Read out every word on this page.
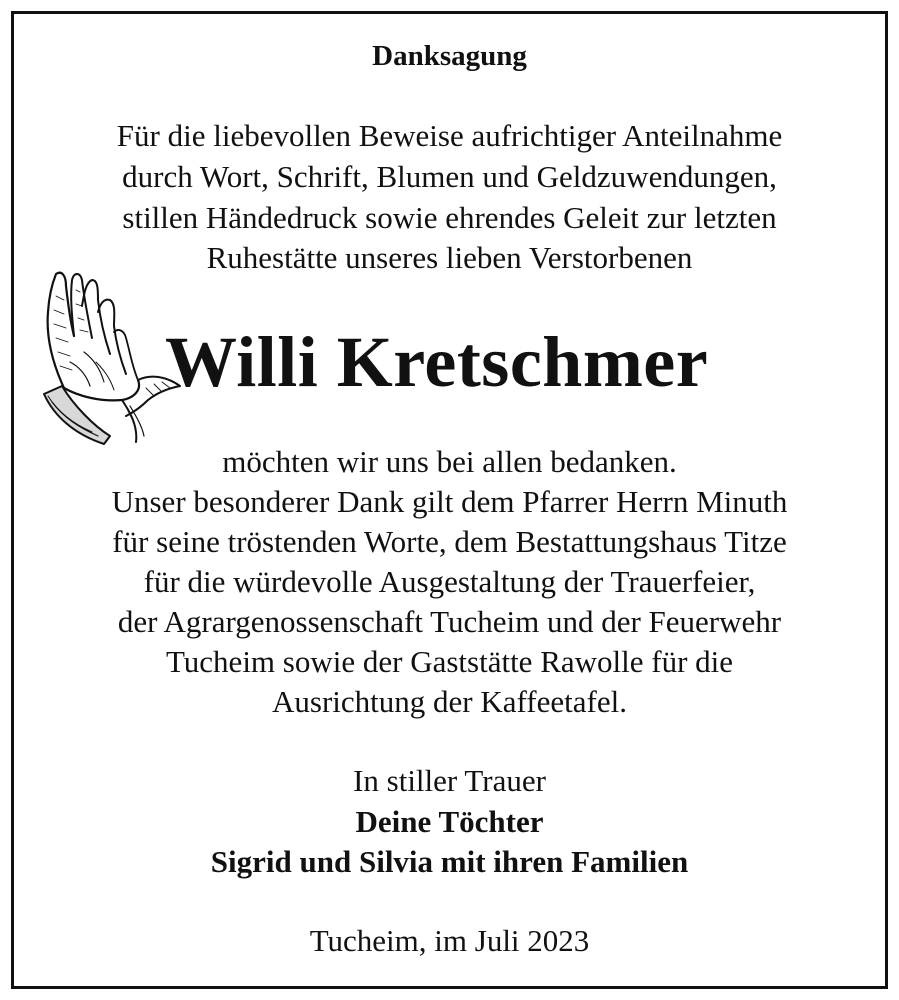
Danksagung
Für die liebevollen Beweise aufrichtiger Anteilnahme
durch Wort, Schrift, Blumen und Geldzuwendungen,
stillen Händedruck sowie ehrendes Geleit zur letzten
Ruhestätte unseres lieben Verstorbenen
Willi Kretschmer
möchten wir uns bei allen bedanken.
Unser besonderer Dank gilt dem Pfarrer Herrn Minuth
für seine tröstenden Worte, dem Bestattungshaus Titze
für die würdevolle Ausgestaltung der Trauerfeier,
der Agrargenossenschaft Tucheim und der Feuerwehr
Tucheim sowie der Gaststätte Rawolle für die
Ausrichtung der Kaffeetafel.
In stiller Trauer
Deine Töchter
Sigrid und Silvia mit ihren Familien
Tucheim, im Juli 2023
